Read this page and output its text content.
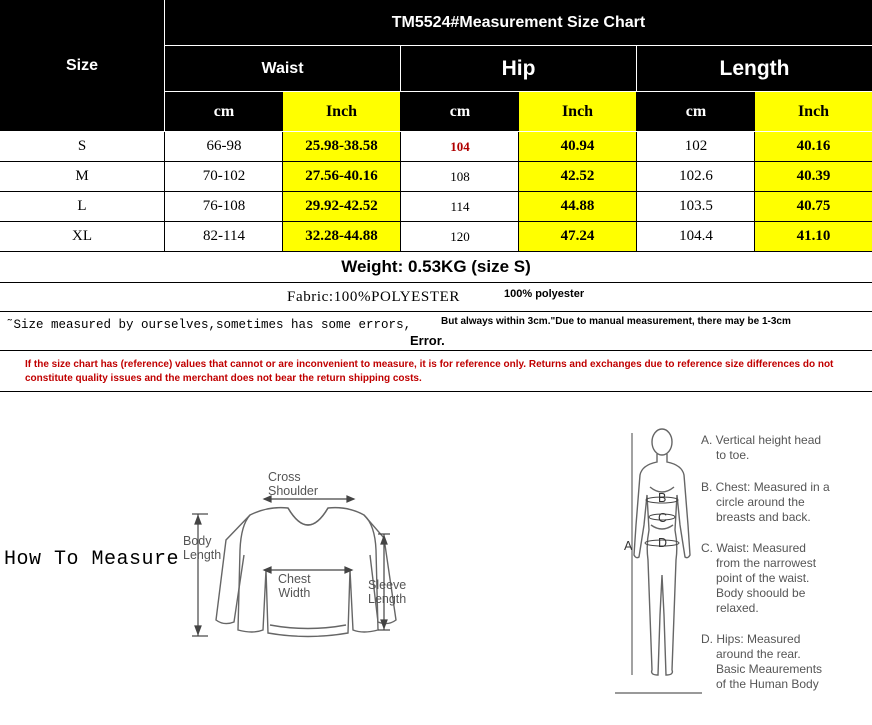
Size
TM5524#Measurement Size Chart
Waist	Hip	Length
cm	Inch	cm	Inch	cm	Inch
S	66-98	25.98-38.58	104	40.94	102	40.16
M	70-102	27.56-40.16	108	42.52	102.6	40.39
L	76-108	29.92-42.52	114	44.88	103.5	40.75
XL	82-114	32.28-44.88	120	47.24	104.4	41.10
Weight: 0.53KG (size S)
Fabric:100%POLYESTER	100% polyester
˜Size measured by ourselves,sometimes has some errors,	But always within 3cm."Due to manual measurement, there may be 1-3cm
Error.
If the size chart has (reference) values that cannot or are inconvenient to measure, it is for reference only. Returns and exchanges due to reference size differences do not constitute quality issues and the merchant does not bear the return shipping costs.
How To Measure
Cross
Shoulder
Body
Length
Chest
Width
Sleeve
Length
A
B
C
D
A. Vertical height head
to toe.
B. Chest: Measured in a
circle around the
breasts and back.
C. Waist: Measured
from the narrowest
point of the waist.
Body shoould be
relaxed.
D. Hips: Measured
around the rear.
Basic Meaurements
of the Human Body
